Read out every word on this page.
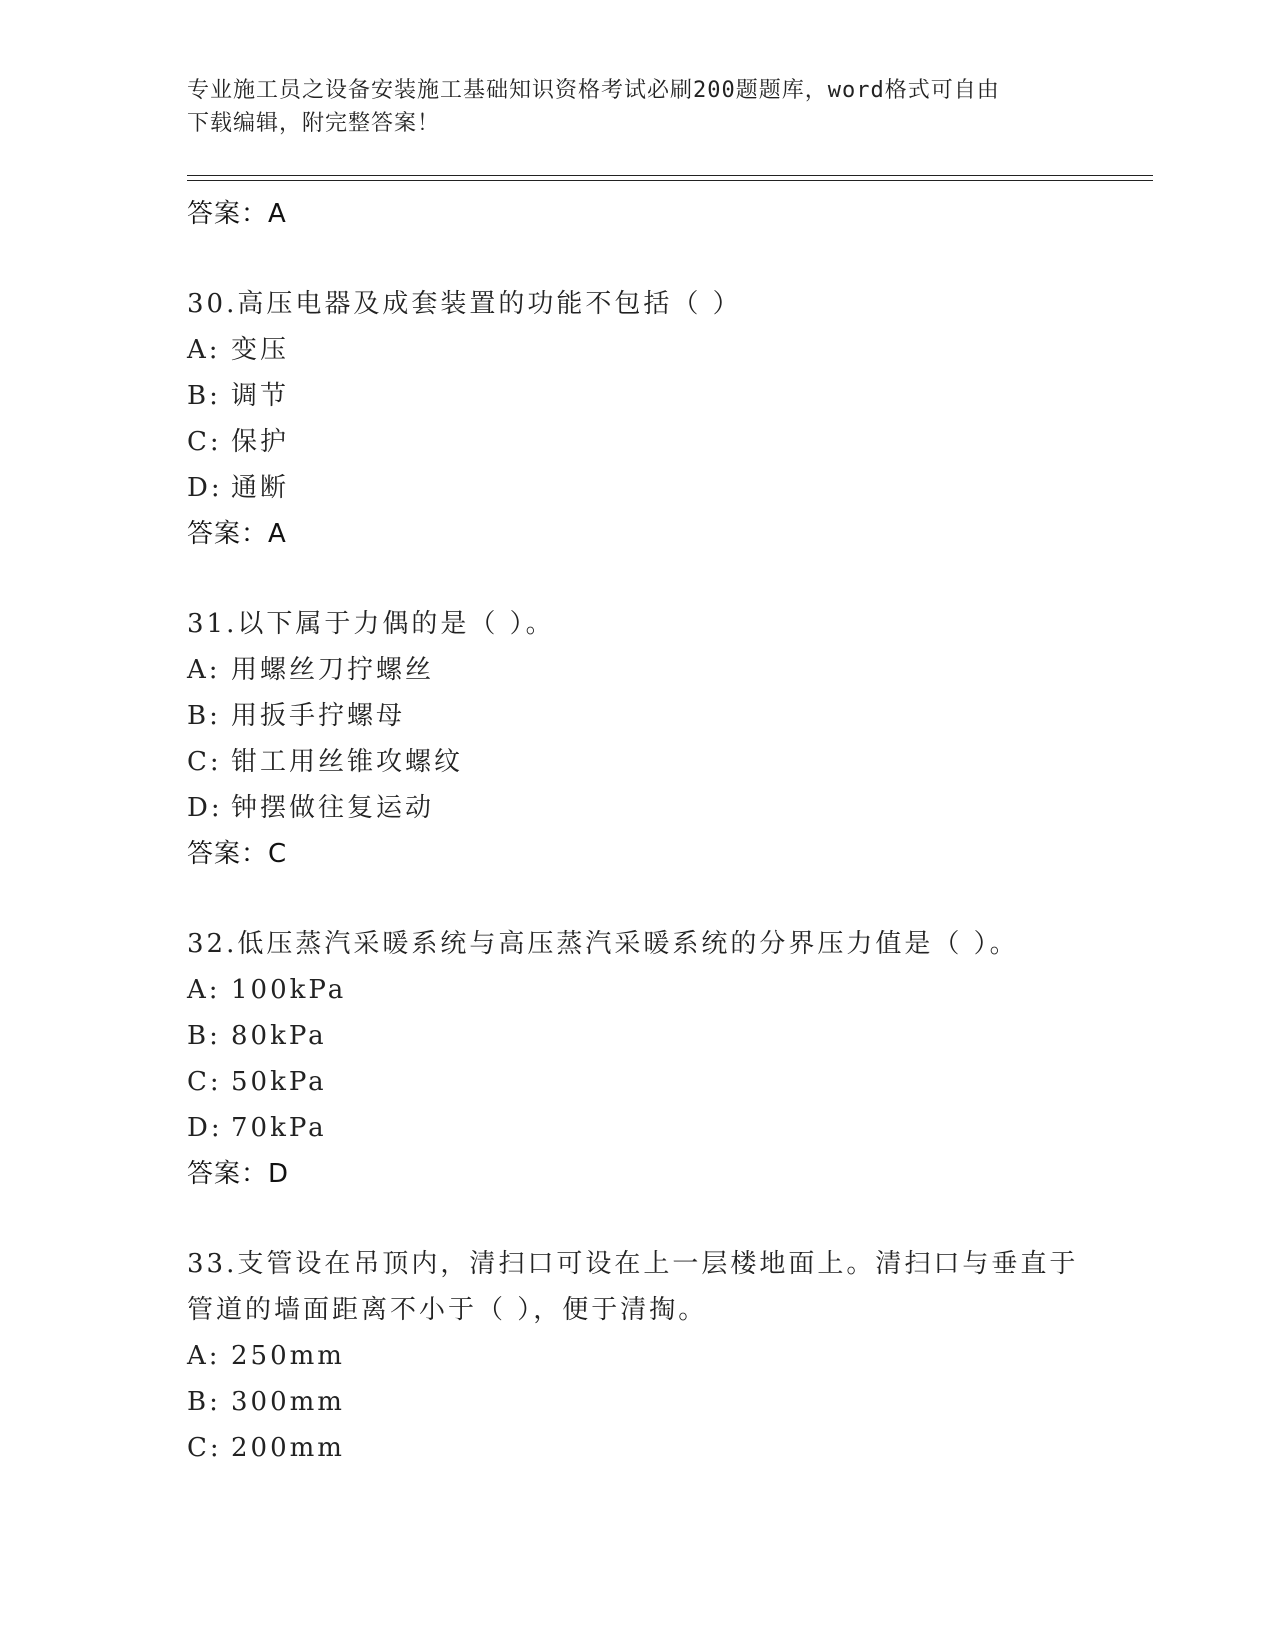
专业施工员之设备安装施工基础知识资格考试必刷200题题库，word格式可自由
下载编辑，附完整答案！
答案：A
30.高压电器及成套装置的功能不包括（ ）
A: 变压
B: 调节
C: 保护
D: 通断
答案：A
31.以下属于力偶的是（ ）。
A: 用螺丝刀拧螺丝
B: 用扳手拧螺母
C: 钳工用丝锥攻螺纹
D: 钟摆做往复运动
答案：C
32.低压蒸汽采暖系统与高压蒸汽采暖系统的分界压力值是（ ）。
A: 100kPa
B: 80kPa
C: 50kPa
D: 70kPa
答案：D
33.支管设在吊顶内，清扫口可设在上一层楼地面上。清扫口与垂直于
管道的墙面距离不小于（ ），便于清掏。
A: 250mm
B: 300mm
C: 200mm
